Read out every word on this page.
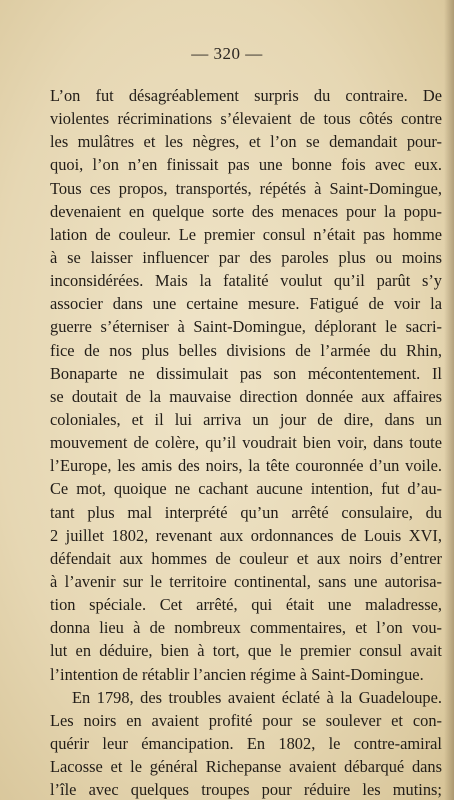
— 320 —
L’on fut désagréablement surpris du contraire. De
violentes récriminations s’élevaient de tous côtés contre
les mulâtres et les nègres, et l’on se demandait pour-
quoi, l’on n’en finissait pas une bonne fois avec eux.
Tous ces propos, transportés, répétés à Saint-Domingue,
devenaient en quelque sorte des menaces pour la popu-
lation de couleur. Le premier consul n’était pas homme
à se laisser influencer par des paroles plus ou moins
inconsidérées. Mais la fatalité voulut qu’il parût s’y
associer dans une certaine mesure. Fatigué de voir la
guerre s’éterniser à Saint-Domingue, déplorant le sacri-
fice de nos plus belles divisions de l’armée du Rhin,
Bonaparte ne dissimulait pas son mécontentement. Il
se doutait de la mauvaise direction donnée aux affaires
coloniales, et il lui arriva un jour de dire, dans un
mouvement de colère, qu’il voudrait bien voir, dans toute
l’Europe, les amis des noirs, la tête couronnée d’un voile.
Ce mot, quoique ne cachant aucune intention, fut d’au-
tant plus mal interprété qu’un arrêté consulaire, du
2 juillet 1802, revenant aux ordonnances de Louis XVI,
défendait aux hommes de couleur et aux noirs d’entrer
à l’avenir sur le territoire continental, sans une autorisa-
tion spéciale. Cet arrêté, qui était une maladresse,
donna lieu à de nombreux commentaires, et l’on vou-
lut en déduire, bien à tort, que le premier consul avait
l’intention de rétablir l’ancien régime à Saint-Domingue.
En 1798, des troubles avaient éclaté à la Guadeloupe.
Les noirs en avaient profité pour se soulever et con-
quérir leur émancipation. En 1802, le contre-amiral
Lacosse et le général Richepanse avaient débarqué dans
l’île avec quelques troupes pour réduire les mutins;
